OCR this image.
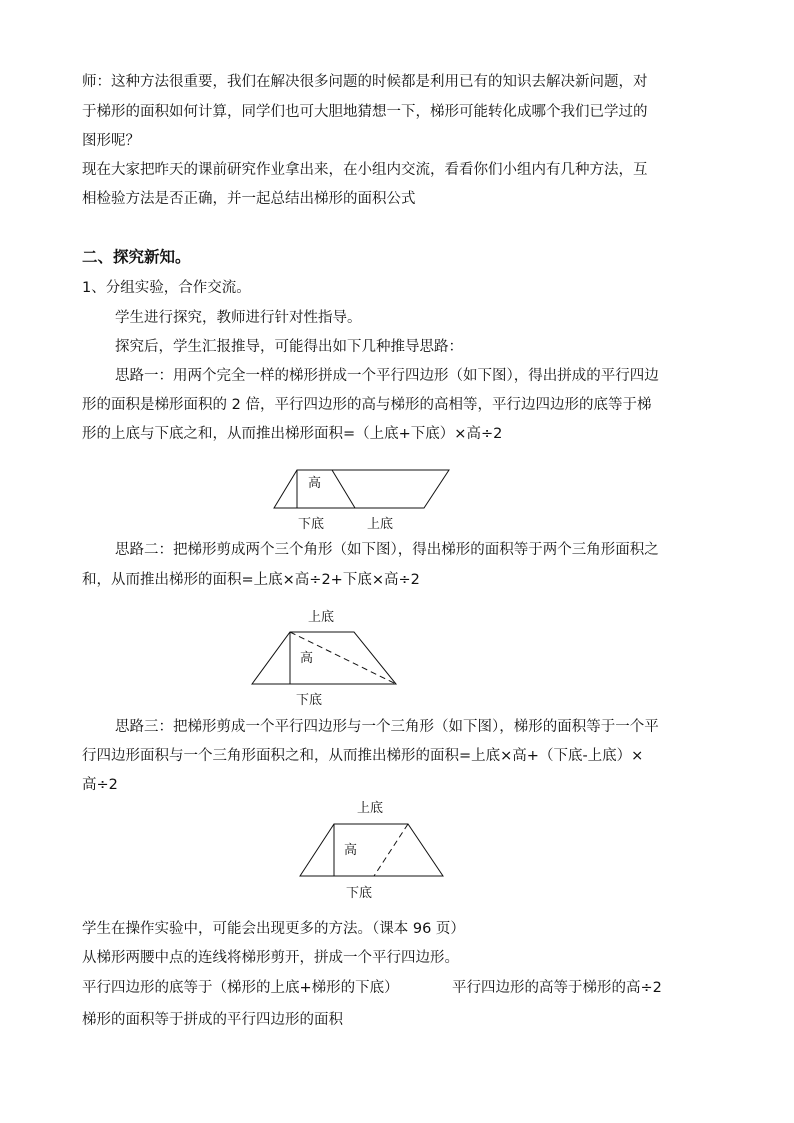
师：这种方法很重要，我们在解决很多问题的时候都是利用已有的知识去解决新问题，对
于梯形的面积如何计算，同学们也可大胆地猜想一下，梯形可能转化成哪个我们已学过的
图形呢？
现在大家把昨天的课前研究作业拿出来，在小组内交流，看看你们小组内有几种方法，互
相检验方法是否正确，并一起总结出梯形的面积公式
二、探究新知。
1、分组实验，合作交流。
学生进行探究，教师进行针对性指导。
探究后，学生汇报推导，可能得出如下几种推导思路：
思路一：用两个完全一样的梯形拼成一个平行四边形（如下图），得出拼成的平行四边
形的面积是梯形面积的 2 倍，平行四边形的高与梯形的高相等，平行边四边形的底等于梯
形的上底与下底之和，从而推出梯形面积=（上底+下底）×高÷2
思路二：把梯形剪成两个三个角形（如下图），得出梯形的面积等于两个三角形面积之
和，从而推出梯形的面积=上底×高÷2+下底×高÷2
思路三：把梯形剪成一个平行四边形与一个三角形（如下图），梯形的面积等于一个平
行四边形面积与一个三角形面积之和，从而推出梯形的面积=上底×高+（下底-上底）×
高÷2
学生在操作实验中，可能会出现更多的方法。（课本 96 页）
从梯形两腰中点的连线将梯形剪开，拼成一个平行四边形。
平行四边形的底等于（梯形的上底+梯形的下底）	平行四边形的高等于梯形的高÷2
梯形的面积等于拼成的平行四边形的面积
高
下底	上底
上底
高
下底
上底
高
下底
